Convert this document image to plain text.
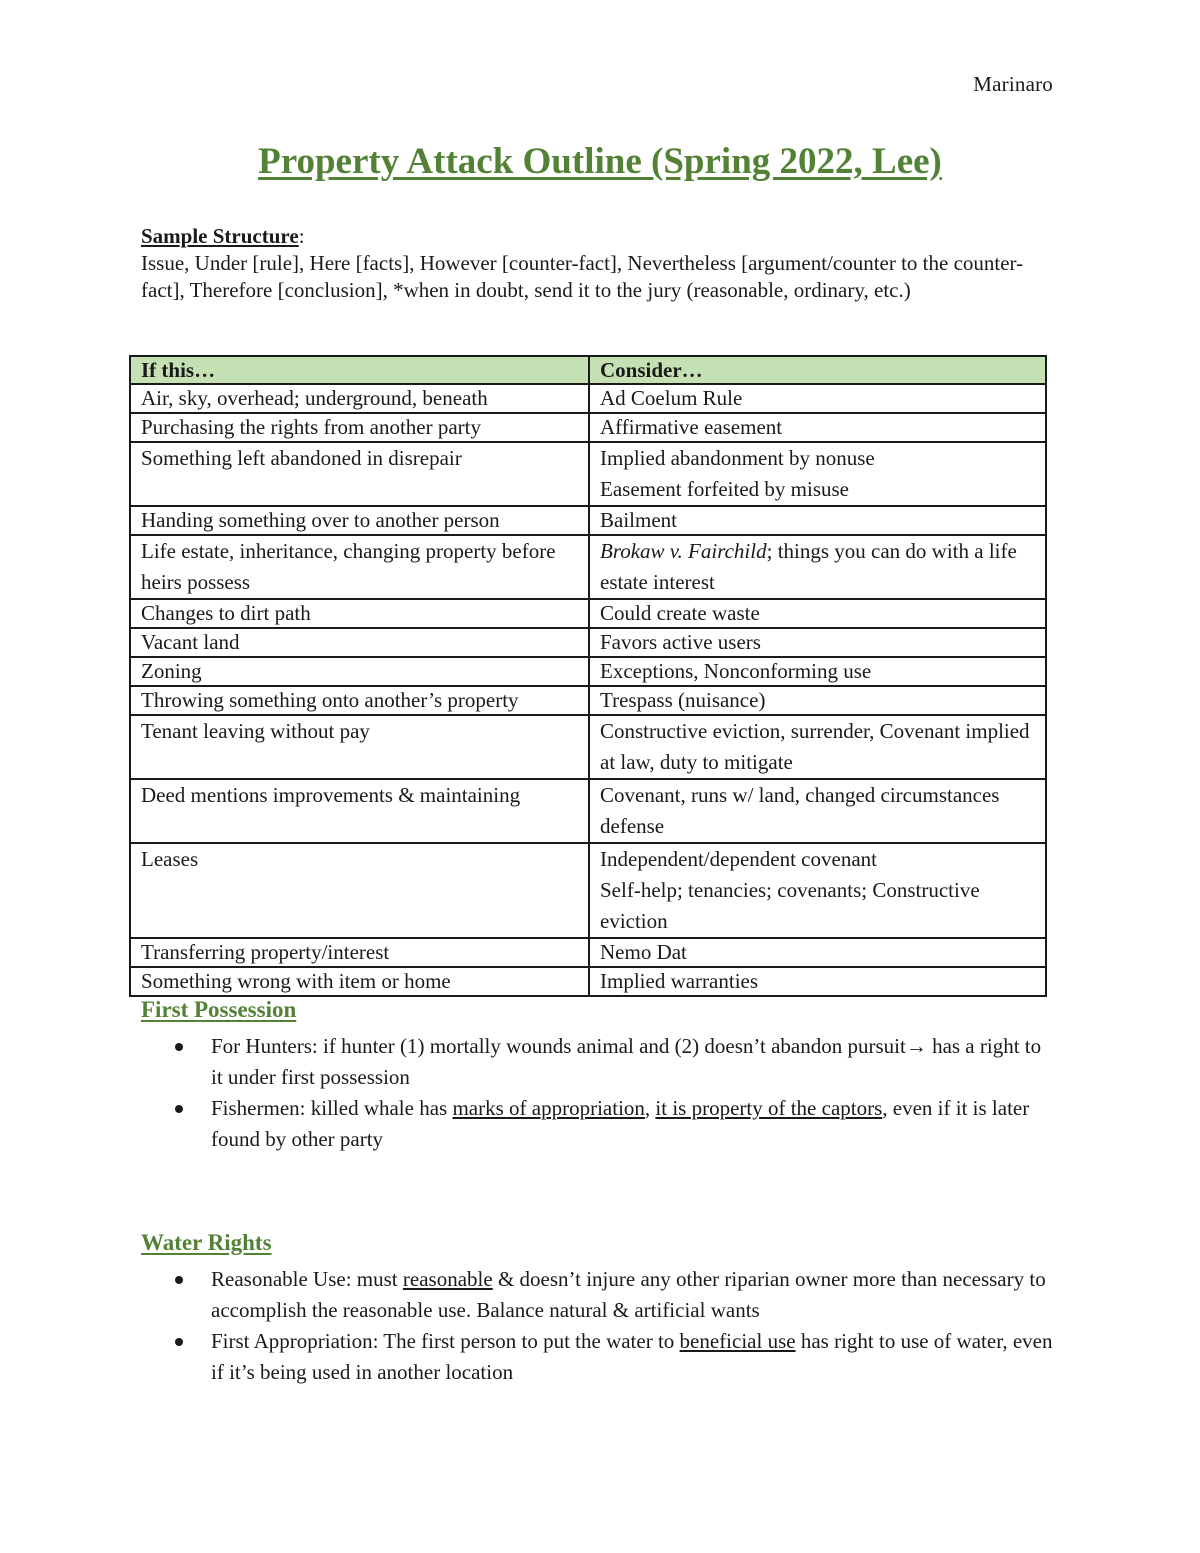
Marinaro
Property Attack Outline (Spring 2022, Lee)
Sample Structure:
Issue, Under [rule], Here [facts], However [counter-fact], Nevertheless [argument/counter to the counter-fact], Therefore [conclusion], *when in doubt, send it to the jury (reasonable, ordinary, etc.)
If this…	Consider…
Air, sky, overhead; underground, beneath	Ad Coelum Rule
Purchasing the rights from another party	Affirmative easement
Something left abandoned in disrepair	Implied abandonment by nonuse
Easement forfeited by misuse
Handing something over to another person	Bailment
Life estate, inheritance, changing property before heirs possess	Brokaw v. Fairchild; things you can do with a life estate interest
Changes to dirt path	Could create waste
Vacant land	Favors active users
Zoning	Exceptions, Nonconforming use
Throwing something onto another’s property	Trespass (nuisance)
Tenant leaving without pay	Constructive eviction, surrender, Covenant implied at law, duty to mitigate
Deed mentions improvements & maintaining	Covenant, runs w/ land, changed circumstances defense
Leases	Independent/dependent covenant
Self-help; tenancies; covenants; Constructive eviction
Transferring property/interest	Nemo Dat
Something wrong with item or home	Implied warranties
First Possession
For Hunters: if hunter (1) mortally wounds animal and (2) doesn’t abandon pursuit→ has a right to it under first possession
Fishermen: killed whale has marks of appropriation, it is property of the captors, even if it is later found by other party
Water Rights
Reasonable Use: must reasonable & doesn’t injure any other riparian owner more than necessary to accomplish the reasonable use. Balance natural & artificial wants
First Appropriation: The first person to put the water to beneficial use has right to use of water, even if it’s being used in another location
